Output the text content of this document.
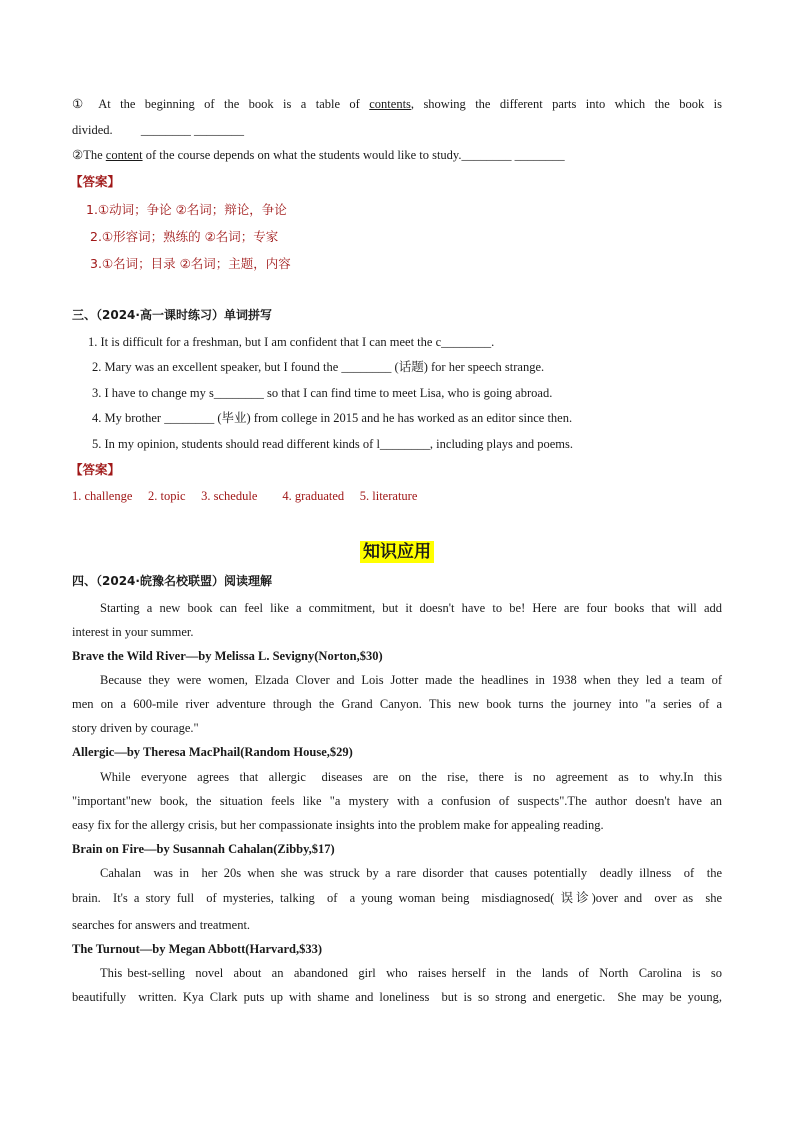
① At the beginning of the book is a table of contents, showing the different parts into which the book is
divided. ________ ________
②The content of the course depends on what the students would like to study.________ ________
【答案】
1.①动词；争论 ②名词；辩论，争论
2.①形容词；熟练的 ②名词；专家
3.①名词；目录 ②名词；主题，内容
三、（2024·高一课时练习）单词拼写
1. It is difficult for a freshman, but I am confident that I can meet the c________.
2. Mary was an excellent speaker, but I found the ________ (话题) for her speech strange.
3. I have to change my s________ so that I can find time to meet Lisa, who is going abroad.
4. My brother ________ (毕业) from college in 2015 and he has worked as an editor since then.
5. In my opinion, students should read different kinds of l________, including plays and poems.
【答案】
1. challenge     2. topic     3. schedule        4. graduated     5. literature
知识应用
四、（2024·皖豫名校联盟）阅读理解
Starting a new book can feel like a commitment, but it doesn't have to be! Here are four books that will add
interest in your summer.
Brave the Wild River—by Melissa L. Sevigny(Norton,$30)
Because they were women, Elzada Clover and Lois Jotter made the headlines in 1938 when they led a team of
men on a 600-mile river adventure through the Grand Canyon. This new book turns the journey into "a series of a
story driven by courage."
Allergic—by Theresa MacPhail(Random House,$29)
While  everyone  agrees  that  allergic   diseases  are  on  the  rise,  there  is  no  agreement  as  to  why.In  this
"important"new book, the situation feels like "a mystery with a confusion of suspects".The author doesn't have an
easy fix for the allergy crisis, but her compassionate insights into the problem make for appealing reading.
Brain on Fire—by Susannah Cahalan(Zibby,$17)
Cahalan  was in  her 20s when she was struck by a rare disorder that causes potentially  deadly illness  of  the
brain.  It's a story full  of mysteries, talking  of  a young woman being  misdiagnosed( 误诊)over and  over as  she
searches for answers and treatment.
The Turnout—by Megan Abbott(Harvard,$33)
This best-selling  novel  about  an  abandoned  girl  who  raises herself  in  the  lands  of  North  Carolina  is  so
beautifully  written. Kya Clark puts up with shame and loneliness  but is so strong and energetic.  She may be young,
